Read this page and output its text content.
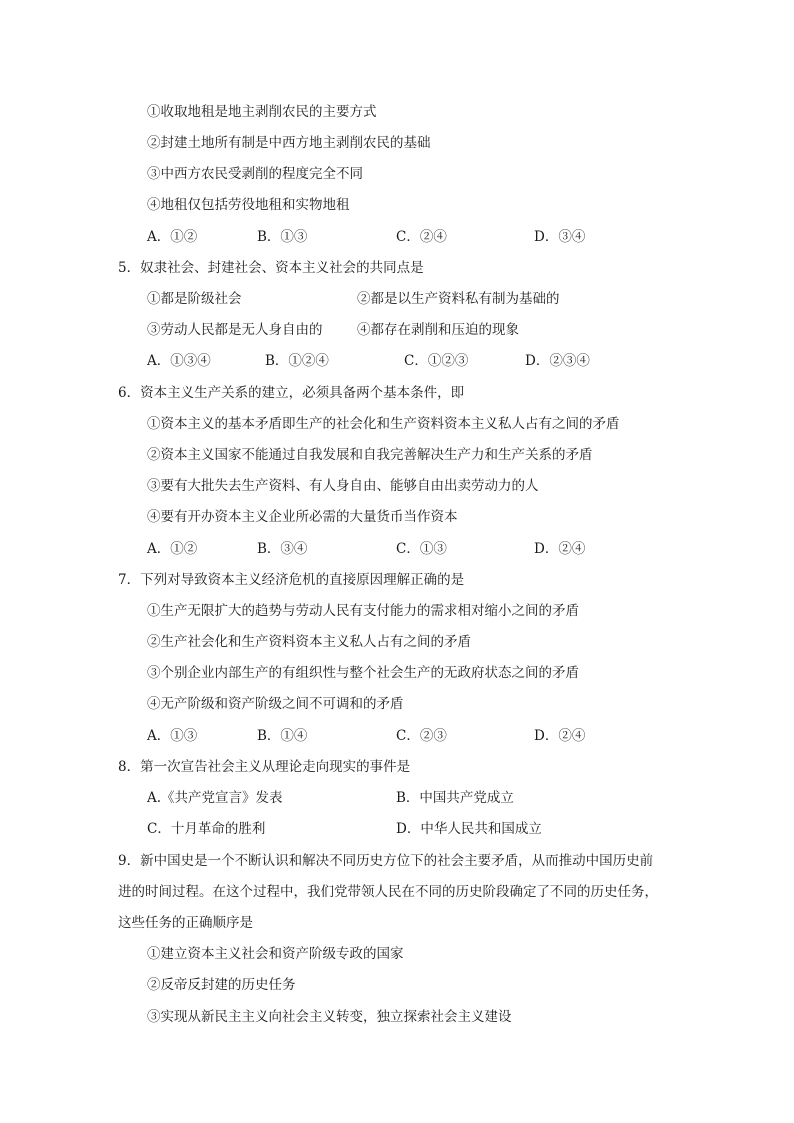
①收取地租是地主剥削农民的主要方式
②封建土地所有制是中西方地主剥削农民的基础
③中西方农民受剥削的程度完全不同
④地租仅包括劳役地租和实物地租
A．①②	B．①③	C．②④	D．③④
5．奴隶社会、封建社会、资本主义社会的共同点是
①都是阶级社会	②都是以生产资料私有制为基础的
③劳动人民都是无人身自由的	④都存在剥削和压迫的现象
A．①③④	B．①②④	C．①②③	D．②③④
6．资本主义生产关系的建立，必须具备两个基本条件，即
①资本主义的基本矛盾即生产的社会化和生产资料资本主义私人占有之间的矛盾
②资本主义国家不能通过自我发展和自我完善解决生产力和生产关系的矛盾
③要有大批失去生产资料、有人身自由、能够自由出卖劳动力的人
④要有开办资本主义企业所必需的大量货币当作资本
A．①②	B．③④	C．①③	D．②④
7．下列对导致资本主义经济危机的直接原因理解正确的是
①生产无限扩大的趋势与劳动人民有支付能力的需求相对缩小之间的矛盾
②生产社会化和生产资料资本主义私人占有之间的矛盾
③个别企业内部生产的有组织性与整个社会生产的无政府状态之间的矛盾
④无产阶级和资产阶级之间不可调和的矛盾
A．①③	B．①④	C．②③	D．②④
8．第一次宣告社会主义从理论走向现实的事件是
A.《共产党宣言》发表	B．中国共产党成立
C．十月革命的胜利	D．中华人民共和国成立
9．新中国史是一个不断认识和解决不同历史方位下的社会主要矛盾，从而推动中国历史前
进的时间过程。在这个过程中，我们党带领人民在不同的历史阶段确定了不同的历史任务，
这些任务的正确顺序是
①建立资本主义社会和资产阶级专政的国家
②反帝反封建的历史任务
③实现从新民主主义向社会主义转变，独立探索社会主义建设
